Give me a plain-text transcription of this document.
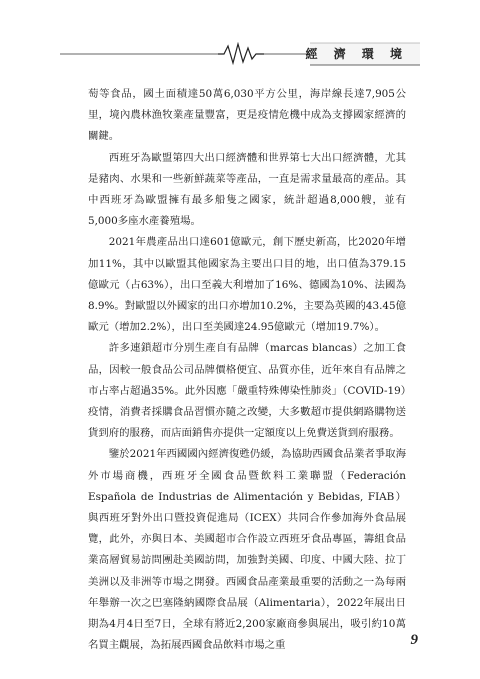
經 濟 環 境

萄等食品，國土面積達50萬6,030平方公里，海岸線長達7,905公里，境內農林漁牧業產量豐富，更是疫情危機中成為支撐國家經濟的關鍵。

西班牙為歐盟第四大出口經濟體和世界第七大出口經濟體，尤其是豬肉、水果和一些新鮮蔬菜等產品，一直是需求量最高的產品。其中西班牙為歐盟擁有最多船隻之國家，統計超過8,000艘，並有5,000多座水產養殖場。

2021年農產品出口達601億歐元，創下歷史新高，比2020年增加11%，其中以歐盟其他國家為主要出口目的地，出口值為379.15億歐元（占63%），出口至義大利增加了16%、德國為10%、法國為8.9%。對歐盟以外國家的出口亦增加10.2%，主要為英國的43.45億歐元（增加2.2%），出口至美國達24.95億歐元（增加19.7%）。

許多連鎖超市分別生產自有品牌（marcas blancas）之加工食品，因較一般食品公司品牌價格便宜、品質亦佳，近年來自有品牌之市占率占超過35%。此外因應「嚴重特殊傳染性肺炎」（COVID-19）疫情，消費者採購食品習慣亦隨之改變，大多數超市提供網路購物送貨到府的服務，而店面銷售亦提供一定額度以上免費送貨到府服務。

鑒於2021年西國國內經濟復甦仍緩，為協助西國食品業者爭取海外市場商機，西班牙全國食品暨飲料工業聯盟（Federación Española de Industrias de Alimentación y Bebidas, FIAB）與西班牙對外出口暨投資促進局（ICEX）共同合作參加海外食品展覽，此外，亦與日本、美國超市合作設立西班牙食品專區，籌組食品業高層貿易訪問團赴美國訪問，加強對美國、印度、中國大陸、拉丁美洲以及非洲等市場之開發。西國食品產業最重要的活動之一為每兩年舉辦一次之巴塞隆納國際食品展（Alimentaria），2022年展出日期為4月4日至7日，全球有將近2,200家廠商參與展出，吸引約10萬名買主觀展，為拓展西國食品飲料市場之重	9
